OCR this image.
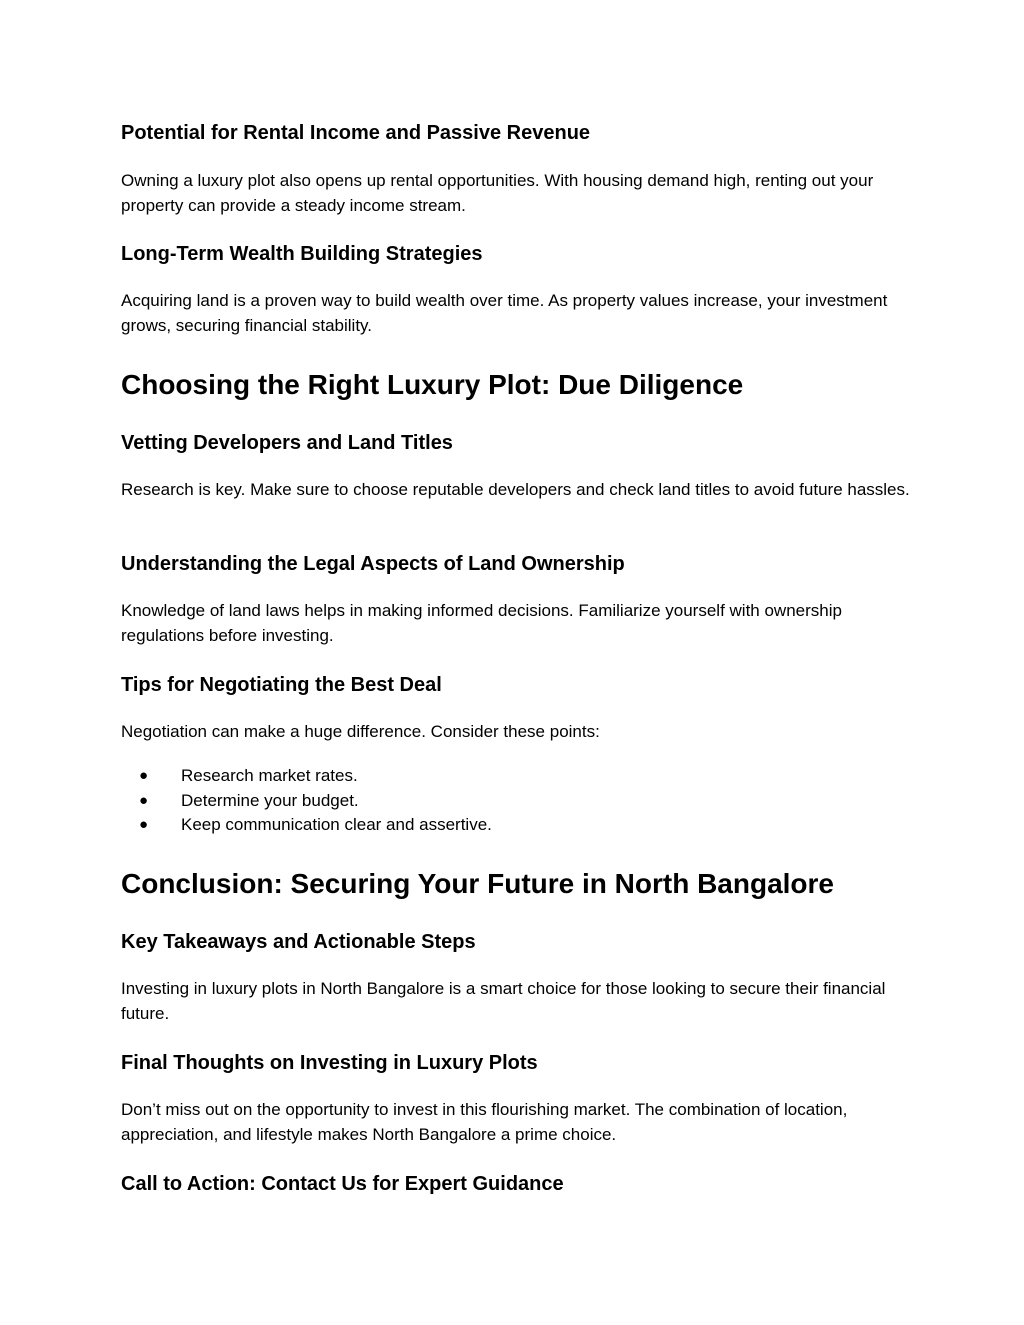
Potential for Rental Income and Passive Revenue

Owning a luxury plot also opens up rental opportunities. With housing demand high, renting out your property can provide a steady income stream.

Long-Term Wealth Building Strategies

Acquiring land is a proven way to build wealth over time. As property values increase, your investment grows, securing financial stability.

Choosing the Right Luxury Plot: Due Diligence
Vetting Developers and Land Titles

Research is key. Make sure to choose reputable developers and check land titles to avoid future hassles.

Understanding the Legal Aspects of Land Ownership

Knowledge of land laws helps in making informed decisions. Familiarize yourself with ownership regulations before investing.

Tips for Negotiating the Best Deal

Negotiation can make a huge difference. Consider these points:

● Research market rates.
● Determine your budget.
● Keep communication clear and assertive.
Conclusion: Securing Your Future in North Bangalore
Key Takeaways and Actionable Steps

Investing in luxury plots in North Bangalore is a smart choice for those looking to secure their financial future.

Final Thoughts on Investing in Luxury Plots

Don’t miss out on the opportunity to invest in this flourishing market. The combination of location, appreciation, and lifestyle makes North Bangalore a prime choice.

Call to Action: Contact Us for Expert Guidance
